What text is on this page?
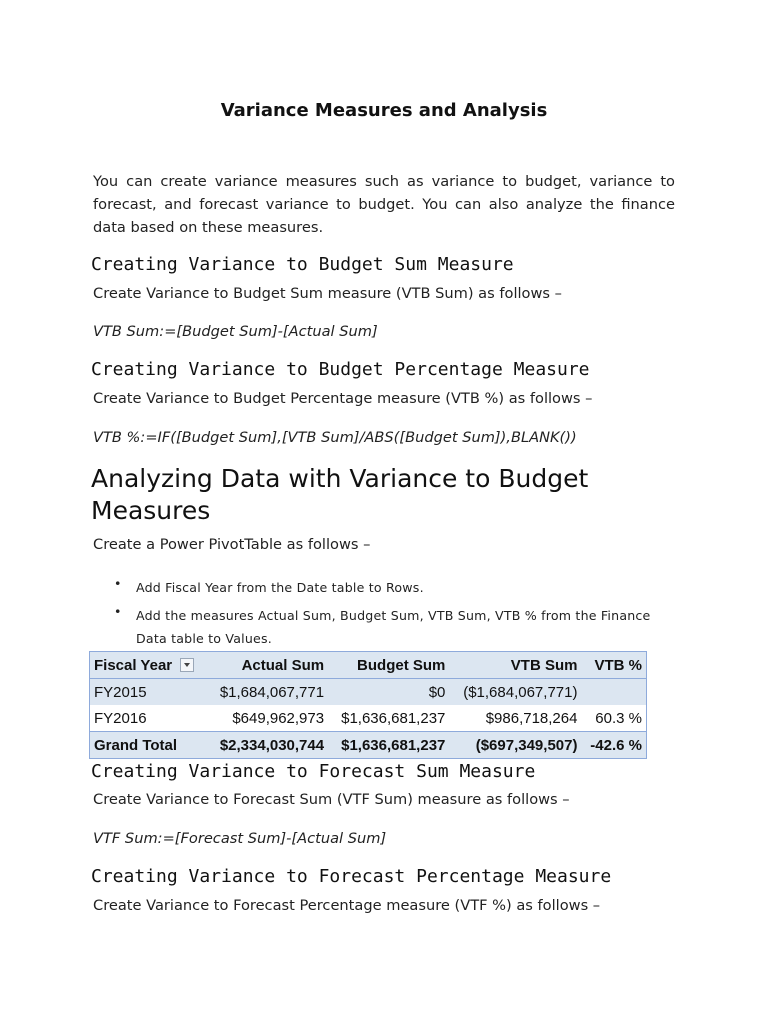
Variance Measures and Analysis
You can create variance measures such as variance to budget, variance to forecast, and forecast variance to budget. You can also analyze the finance data based on these measures.
Creating Variance to Budget Sum Measure
Create Variance to Budget Sum measure (VTB Sum) as follows –
VTB Sum:=[Budget Sum]-[Actual Sum]
Creating Variance to Budget Percentage Measure
Create Variance to Budget Percentage measure (VTB %) as follows –
VTB %:=IF([Budget Sum],[VTB Sum]/ABS([Budget Sum]),BLANK())
Analyzing Data with Variance to Budget Measures
Create a Power PivotTable as follows –
• Add Fiscal Year from the Date table to Rows.
• Add the measures Actual Sum, Budget Sum, VTB Sum, VTB % from the Finance Data table to Values.
Fiscal Year	Actual Sum	Budget Sum	VTB Sum	VTB %
FY2015	$1,684,067,771	$0	($1,684,067,771)	
FY2016	$649,962,973	$1,636,681,237	$986,718,264	60.3 %
Grand Total	$2,334,030,744	$1,636,681,237	($697,349,507)	-42.6 %
Creating Variance to Forecast Sum Measure
Create Variance to Forecast Sum (VTF Sum) measure as follows –
VTF Sum:=[Forecast Sum]-[Actual Sum]
Creating Variance to Forecast Percentage Measure
Create Variance to Forecast Percentage measure (VTF %) as follows –
